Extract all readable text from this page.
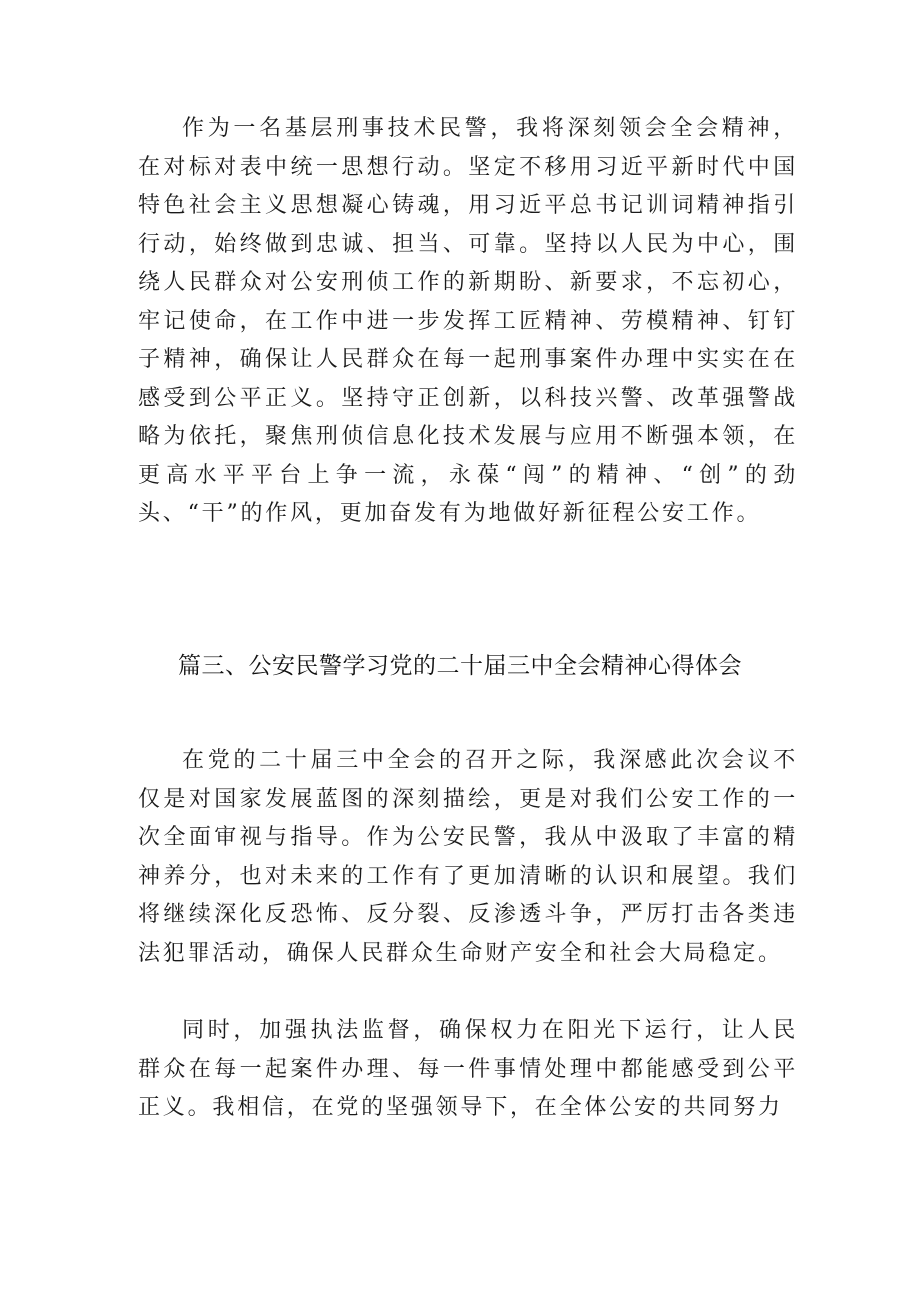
作为一名基层刑事技术民警，我将深刻领会全会精神，在对标对表中统一思想行动。坚定不移用习近平新时代中国特色社会主义思想凝心铸魂，用习近平总书记训词精神指引行动，始终做到忠诚、担当、可靠。坚持以人民为中心，围绕人民群众对公安刑侦工作的新期盼、新要求，不忘初心，牢记使命，在工作中进一步发挥工匠精神、劳模精神、钉钉子精神，确保让人民群众在每一起刑事案件办理中实实在在感受到公平正义。坚持守正创新，以科技兴警、改革强警战略为依托，聚焦刑侦信息化技术发展与应用不断强本领，在更高水平平台上争一流，永葆“闯”的精神、“创”的劲头、“干”的作风，更加奋发有为地做好新征程公安工作。

篇三、公安民警学习党的二十届三中全会精神心得体会

在党的二十届三中全会的召开之际，我深感此次会议不仅是对国家发展蓝图的深刻描绘，更是对我们公安工作的一次全面审视与指导。作为公安民警，我从中汲取了丰富的精神养分，也对未来的工作有了更加清晰的认识和展望。我们将继续深化反恐怖、反分裂、反渗透斗争，严厉打击各类违法犯罪活动，确保人民群众生命财产安全和社会大局稳定。

同时，加强执法监督，确保权力在阳光下运行，让人民群众在每一起案件办理、每一件事情处理中都能感受到公平正义。我相信，在党的坚强领导下，在全体公安的共同努力
